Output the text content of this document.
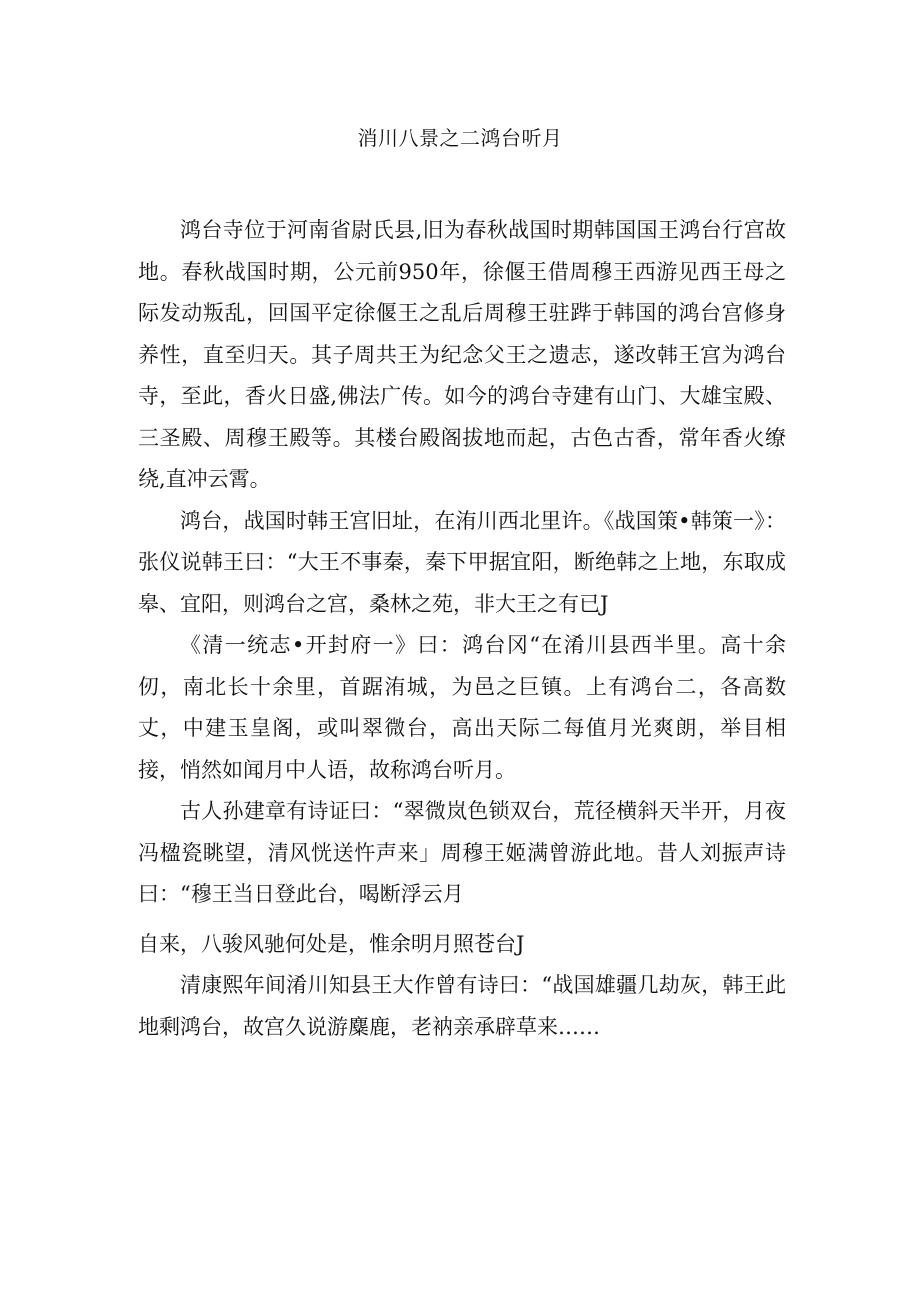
消川八景之二鸿台听月

鸿台寺位于河南省尉氏县,旧为春秋战国时期韩国国王鸿台行宫故地。春秋战国时期，公元前950年，徐偃王借周穆王西游见西王母之际发动叛乱，回国平定徐偃王之乱后周穆王驻跸于韩国的鸿台宫修身养性，直至归天。其子周共王为纪念父王之遗志，遂改韩王宫为鸿台寺，至此，香火日盛,佛法广传。如今的鸿台寺建有山门、大雄宝殿、三圣殿、周穆王殿等。其楼台殿阁拔地而起，古色古香，常年香火缭绕,直冲云霄。

鸿台，战国时韩王宫旧址，在洧川西北里许。《战国策•韩策一》：张仪说韩王曰：“大王不事秦，秦下甲据宜阳，断绝韩之上地，东取成皋、宜阳，则鸿台之宫，桑林之苑，非大王之有已J

《清一统志•开封府一》曰：鸿台冈“在淆川县西半里。高十余仞，南北长十余里，首踞洧城，为邑之巨镇。上有鸿台二，各高数丈，中建玉皇阁，或叫翠微台，高出天际二每值月光爽朗，举目相接，悄然如闻月中人语，故称鸿台听月。

古人孙建章有诗证曰：“翠微岚色锁双台，荒径横斜天半开，月夜冯楹瓷眺望，清风恍送忤声来」周穆王姬满曾游此地。昔人刘振声诗曰：“穆王当日登此台，喝断浮云月

自来，八骏风驰何处是，惟余明月照苍台J

清康熙年间淆川知县王大作曾有诗曰：“战国雄疆几劫灰，韩王此地剩鸿台，故宫久说游麋鹿，老衲亲承辟草来……
